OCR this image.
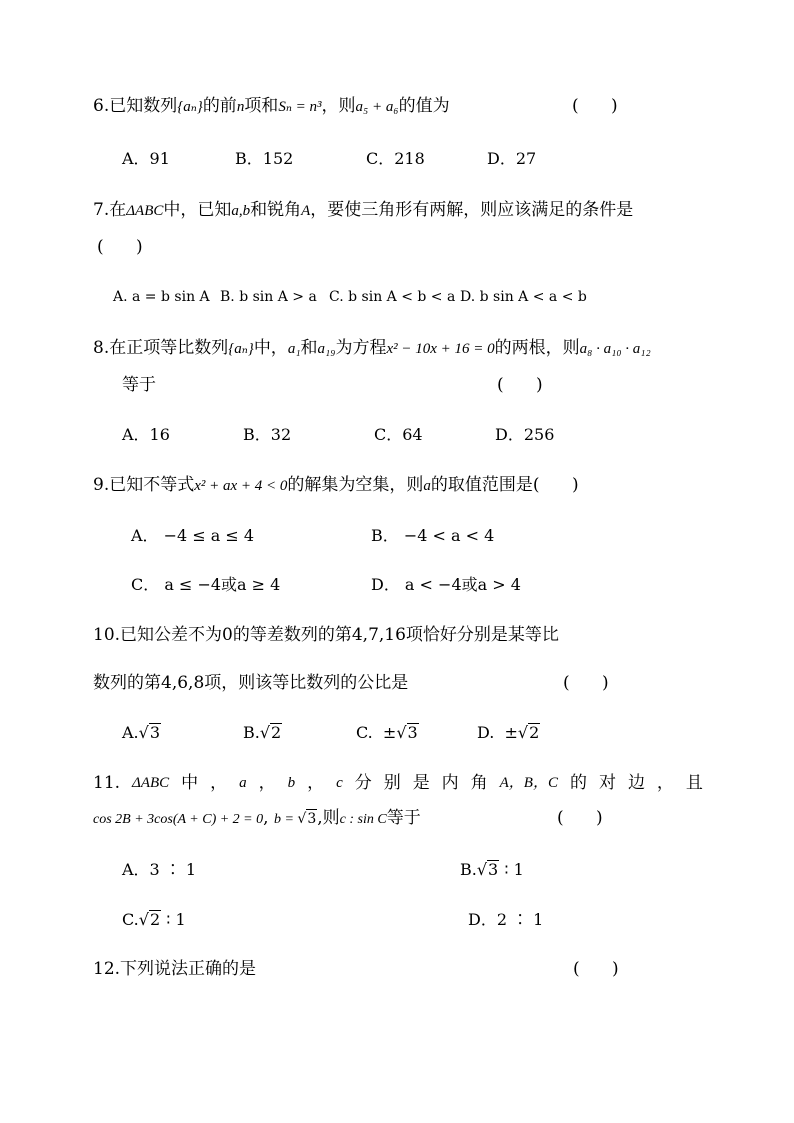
6.已知数列{aₙ}的前n项和Sₙ = n³，则a₅ + a₆的值为	(      )
A．91	B．152	C．218	D．27
7.在ΔABC中，已知a,b和锐角A，要使三角形有两解，则应该满足的条件是
(      )
A. a = b sin A B. b sin A > a C. b sin A < b < a D. b sin A < a < b
8.在正项等比数列{aₙ}中，a₁和a₁₉为方程x² − 10x + 16 = 0的两根，则a₈ · a₁₀ · a₁₂
等于	(      )
A．16	B．32	C．64	D．256
9.已知不等式x² + ax + 4 < 0的解集为空集，则a的取值范围是(      )
A． −4 ≤ a ≤ 4	B． −4 < a < 4
C． a ≤ −4或a ≥ 4	D． a < −4或a > 4
10.已知公差不为0的等差数列的第4,7,16项恰好分别是某等比
数列的第4,6,8项，则该等比数列的公比是	(      )
A.√3	B.√2	C.  ±√3	D.  ±√2
11. ΔABC 中 ， a ， b ， c 分 别 是 内 角 A，B，C 的 对 边 ， 且
cos 2B + 3cos(A + C) + 2 = 0, b = √3,则c : sin C等于	(      )
A．3 ∶ 1	B.√3 ∶ 1
C.√2 ∶ 1	D．2 ∶ 1
12.下列说法正确的是	(      )
